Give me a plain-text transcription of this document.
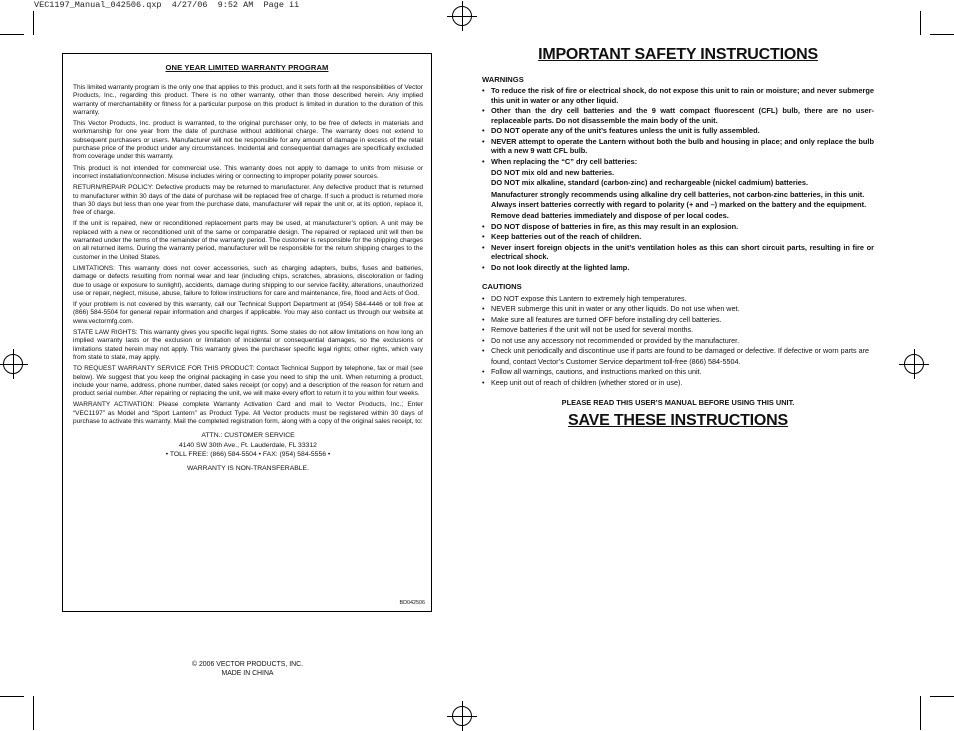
VEC1197_Manual_042506.qxp  4/27/06  9:52 AM  Page ii
ONE YEAR LIMITED WARRANTY PROGRAM

This limited warranty program is the only one that applies to this product, and it sets forth all the responsibilities of Vector Products, Inc., regarding this product. There is no other warranty, other than those described herein. Any implied warranty of merchantability or fitness for a particular purpose on this product is limited in duration to the duration of this warranty.

This Vector Products, Inc. product is warranted, to the original purchaser only, to be free of defects in materials and workmanship for one year from the date of purchase without additional charge. The warranty does not extend to subsequent purchasers or users. Manufacturer will not be responsible for any amount of damage in excess of the retail purchase price of the product under any circumstances. Incidental and consequential damages are specifically excluded from coverage under this warranty.

This product is not intended for commercial use. This warranty does not apply to damage to units from misuse or incorrect installation/connection. Misuse includes wiring or connecting to improper polarity power sources.

RETURN/REPAIR POLICY: Defective products may be returned to manufacturer. Any defective product that is returned to manufacturer within 30 days of the date of purchase will be replaced free of charge. If such a product is returned more than 30 days but less than one year from the purchase date, manufacturer will repair the unit or, at its option, replace it, free of charge.

If the unit is repaired, new or reconditioned replacement parts may be used, at manufacturer’s option. A unit may be replaced with a new or reconditioned unit of the same or comparable design. The repaired or replaced unit will then be warranted under the terms of the remainder of the warranty period. The customer is responsible for the shipping charges on all returned items. During the warranty period, manufacturer will be responsible for the return shipping charges to the customer in the United States.

LIMITATIONS: This warranty does not cover accessories, such as charging adapters, bulbs, fuses and batteries, damage or defects resulting from normal wear and tear (including chips, scratches, abrasions, discoloration or fading due to usage or exposure to sunlight), accidents, damage during shipping to our service facility, alterations, unauthorized use or repair, neglect, misuse, abuse, failure to follow instructions for care and maintenance, fire, flood and Acts of God.

If your problem is not covered by this warranty, call our Technical Support Department at (954) 584-4446 or toll free at (866) 584-5504 for general repair information and charges if applicable. You may also contact us through our website at www.vectormfg.com.

STATE LAW RIGHTS: This warranty gives you specific legal rights. Some states do not allow limitations on how long an implied warranty lasts or the exclusion or limitation of incidental or consequential damages, so the exclusions or limitations stated herein may not apply. This warranty gives the purchaser specific legal rights; other rights, which vary from state to state, may apply.

TO REQUEST WARRANTY SERVICE FOR THIS PRODUCT: Contact Technical Support by telephone, fax or mail (see below). We suggest that you keep the original packaging in case you need to ship the unit. When returning a product, include your name, address, phone number, dated sales receipt (or copy) and a description of the reason for return and product serial number. After repairing or replacing the unit, we will make every effort to return it to you within four weeks.

WARRANTY ACTIVATION: Please complete Warranty Activation Card and mail to Vector Products, Inc.; Enter “VEC1197” as Model and “Sport Lantern” as Product Type. All Vector products must be registered within 30 days of purchase to activate this warranty. Mail the completed registration form, along with a copy of the original sales receipt, to:

ATTN.: CUSTOMER SERVICE
4140 SW 30th Ave., Ft. Lauderdale, FL 33312
• TOLL FREE: (866) 584-5504 • FAX: (954) 584-5556 •
WARRANTY IS NON-TRANSFERABLE.
BD042506
© 2006 VECTOR PRODUCTS, INC.
MADE IN CHINA
IMPORTANT SAFETY INSTRUCTIONS
WARNINGS
• To reduce the risk of fire or electrical shock, do not expose this unit to rain or moisture; and never submerge this unit in water or any other liquid.
• Other than the dry cell batteries and the 9 watt compact fluorescent (CFL) bulb, there are no user-replaceable parts. Do not disassemble the main body of the unit.
• DO NOT operate any of the unit’s features unless the unit is fully assembled.
• NEVER attempt to operate the Lantern without both the bulb and housing in place; and only replace the bulb with a new 9 watt CFL bulb.
• When replacing the “C” dry cell batteries:
DO NOT mix old and new batteries.
DO NOT mix alkaline, standard (carbon-zinc) and rechargeable (nickel cadmium) batteries.
Manufacturer strongly recommends using alkaline dry cell batteries, not carbon-zinc batteries, in this unit.
Always insert batteries correctly with regard to polarity (+ and –) marked on the battery and the equipment.
Remove dead batteries immediately and dispose of per local codes.
• DO NOT dispose of batteries in fire, as this may result in an explosion.
• Keep batteries out of the reach of children.
• Never insert foreign objects in the unit’s ventilation holes as this can short circuit parts, resulting in fire or electrical shock.
• Do not look directly at the lighted lamp.
CAUTIONS
• DO NOT expose this Lantern to extremely high temperatures.
• NEVER submerge this unit in water or any other liquids. Do not use when wet.
• Make sure all features are turned OFF before installing dry cell batteries.
• Remove batteries if the unit will not be used for several months.
• Do not use any accessory not recommended or provided by the manufacturer.
• Check unit periodically and discontinue use if parts are found to be damaged or defective. If defective or worn parts are found, contact Vector’s Customer Service department toll-free (866) 584-5504.
• Follow all warnings, cautions, and instructions marked on this unit.
• Keep unit out of reach of children (whether stored or in use).
PLEASE READ THIS USER’S MANUAL BEFORE USING THIS UNIT.
SAVE THESE INSTRUCTIONS
